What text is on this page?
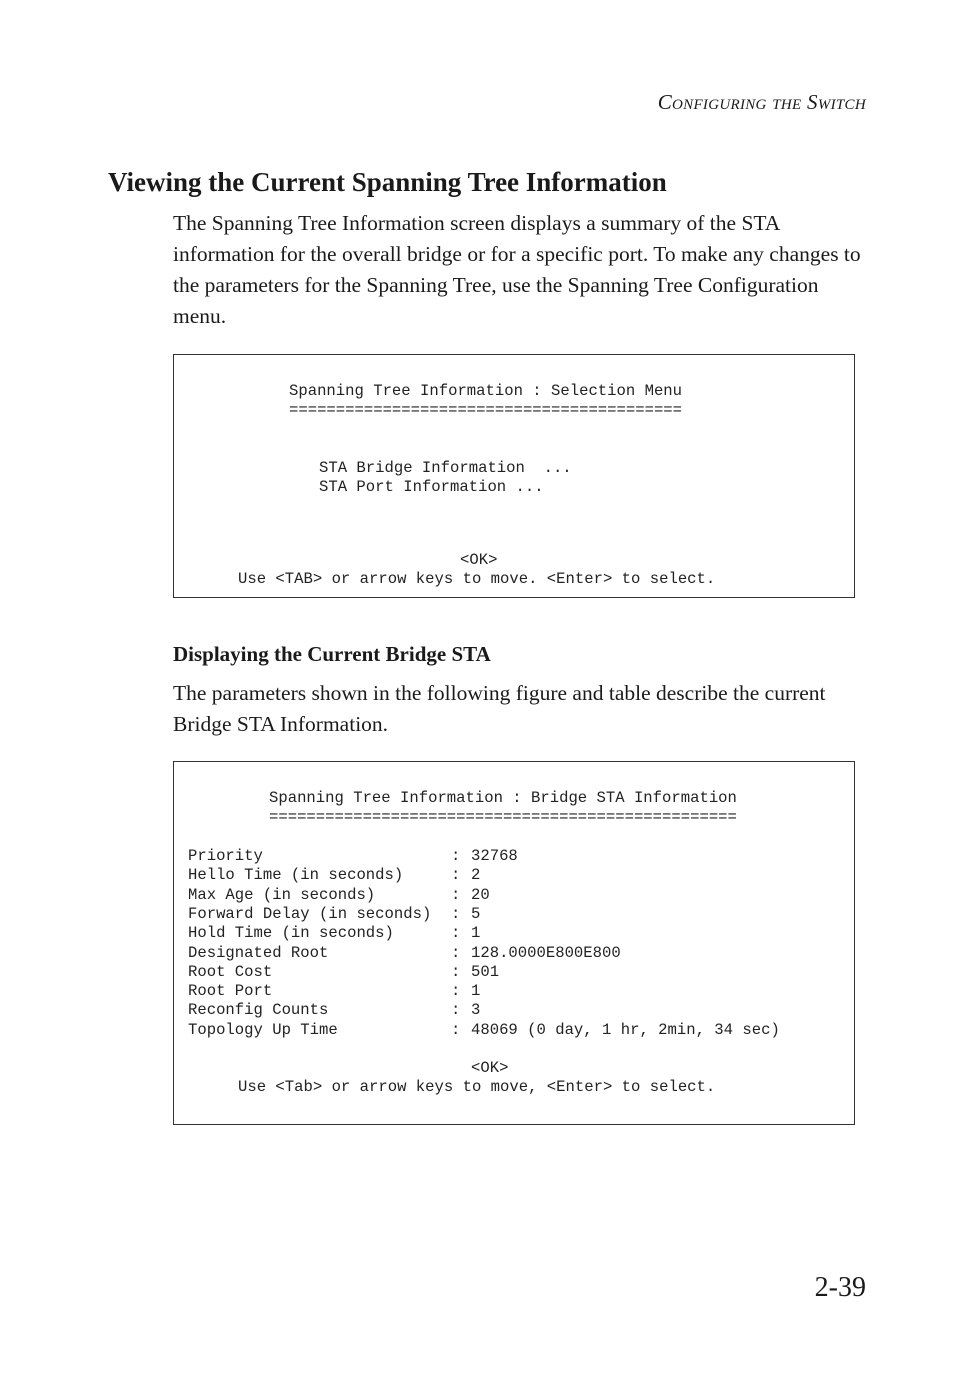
Configuring the Switch
Viewing the Current Spanning Tree Information

The Spanning Tree Information screen displays a summary of the STA information for the overall bridge or for a specific port. To make any changes to the parameters for the Spanning Tree, use the Spanning Tree Configuration menu.

Spanning Tree Information : Selection Menu
==========================================
STA Bridge Information  ...
STA Port Information ...
<OK>
Use <TAB> or arrow keys to move. <Enter> to select.
Displaying the Current Bridge STA

The parameters shown in the following figure and table describe the current Bridge STA Information.

Spanning Tree Information : Bridge STA Information
==================================================
Priority	: 32768
Hello Time (in seconds)	: 2
Max Age (in seconds)	: 20
Forward Delay (in seconds) : 5
Hold Time (in seconds)	: 1
Designated Root	: 128.0000E800E800
Root Cost	: 501
Root Port	: 1
Reconfig Counts	: 3
Topology Up Time	: 48069 (0 day, 1 hr, 2min, 34 sec)
<OK>
Use <Tab> or arrow keys to move, <Enter> to select.
2-39
